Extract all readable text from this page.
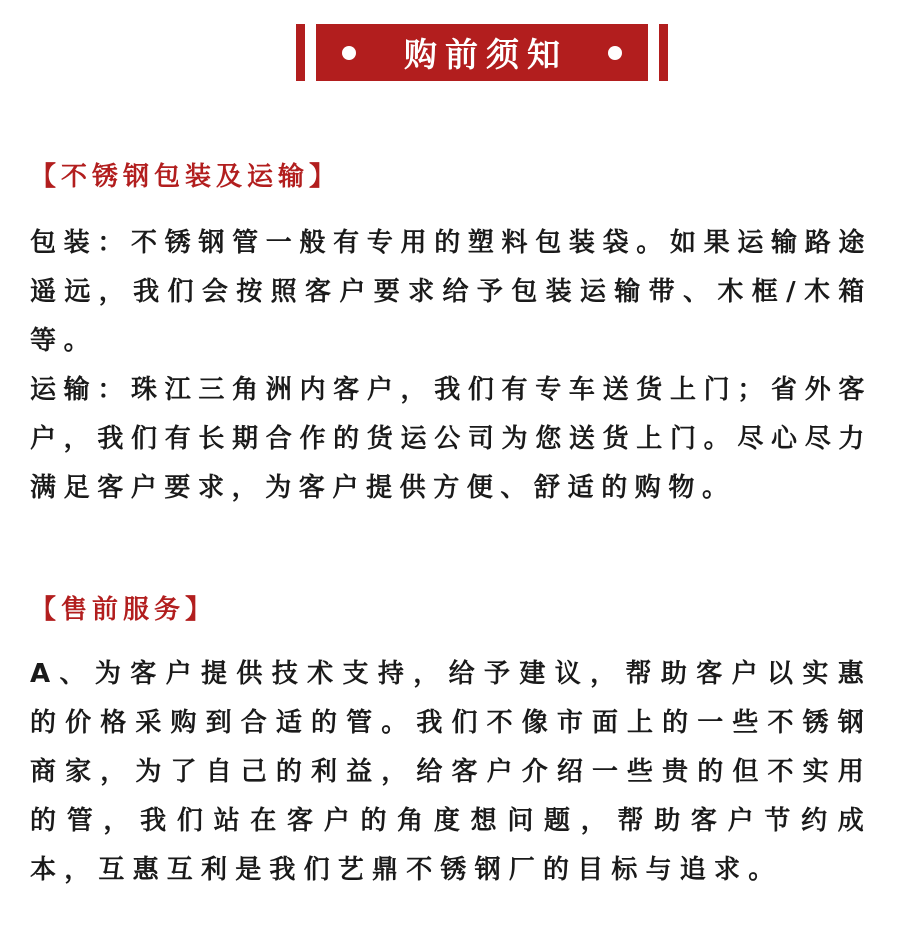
购前须知
【不锈钢包装及运输】
包装：不锈钢管一般有专用的塑料包装袋。如果运输路途遥远，我们会按照客户要求给予包装运输带、木框/木箱等。
运输：珠江三角洲内客户，我们有专车送货上门；省外客户，我们有长期合作的货运公司为您送货上门。尽心尽力满足客户要求，为客户提供方便、舒适的购物。
【售前服务】
A、为客户提供技术支持，给予建议，帮助客户以实惠的价格采购到合适的管。我们不像市面上的一些不锈钢商家，为了自己的利益，给客户介绍一些贵的但不实用的管，我们站在客户的角度想问题，帮助客户节约成本，互惠互利是我们艺鼎不锈钢厂的目标与追求。
